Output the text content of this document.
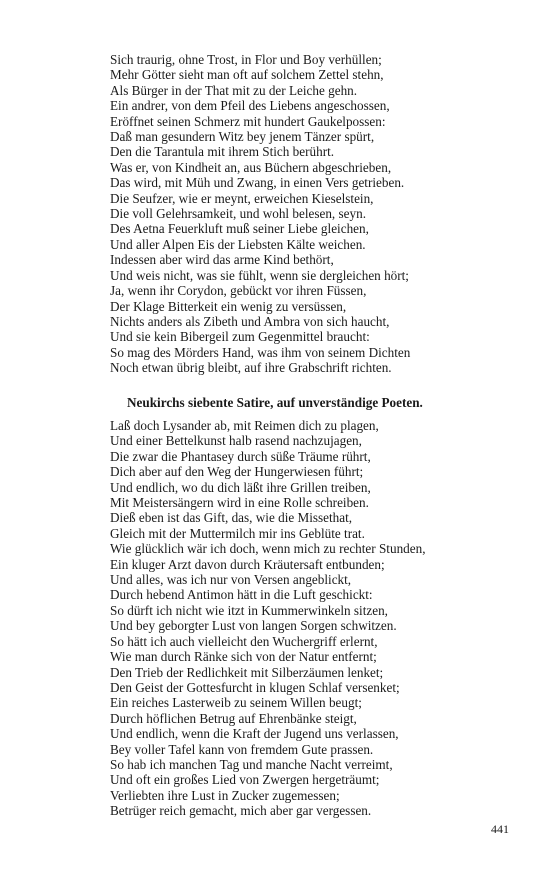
Sich traurig, ohne Trost, in Flor und Boy verhüllen;
Mehr Götter sieht man oft auf solchem Zettel stehn,
Als Bürger in der That mit zu der Leiche gehn.
Ein andrer, von dem Pfeil des Liebens angeschossen,
Eröffnet seinen Schmerz mit hundert Gaukelpossen:
Daß man gesundern Witz bey jenem Tänzer spürt,
Den die Tarantula mit ihrem Stich berührt.
Was er, von Kindheit an, aus Büchern abgeschrieben,
Das wird, mit Müh und Zwang, in einen Vers getrieben.
Die Seufzer, wie er meynt, erweichen Kieselstein,
Die voll Gelehrsamkeit, und wohl belesen, seyn.
Des Aetna Feuerkluft muß seiner Liebe gleichen,
Und aller Alpen Eis der Liebsten Kälte weichen.
Indessen aber wird das arme Kind bethört,
Und weis nicht, was sie fühlt, wenn sie dergleichen hört;
Ja, wenn ihr Corydon, gebückt vor ihren Füssen,
Der Klage Bitterkeit ein wenig zu versüssen,
Nichts anders als Zibeth und Ambra von sich haucht,
Und sie kein Bibergeil zum Gegenmittel braucht:
So mag des Mörders Hand, was ihm von seinem Dichten
Noch etwan übrig bleibt, auf ihre Grabschrift richten.
Neukirchs siebente Satire, auf unverständige Poeten.
Laß doch Lysander ab, mit Reimen dich zu plagen,
Und einer Bettelkunst halb rasend nachzujagen,
Die zwar die Phantasey durch süße Träume rührt,
Dich aber auf den Weg der Hungerwiesen führt;
Und endlich, wo du dich läßt ihre Grillen treiben,
Mit Meistersängern wird in eine Rolle schreiben.
Dieß eben ist das Gift, das, wie die Missethat,
Gleich mit der Muttermilch mir ins Geblüte trat.
Wie glücklich wär ich doch, wenn mich zu rechter Stunden,
Ein kluger Arzt davon durch Kräutersaft entbunden;
Und alles, was ich nur von Versen angeblickt,
Durch hebend Antimon hätt in die Luft geschickt:
So dürft ich nicht wie itzt in Kummerwinkeln sitzen,
Und bey geborgter Lust von langen Sorgen schwitzen.
So hätt ich auch vielleicht den Wuchergriff erlernt,
Wie man durch Ränke sich von der Natur entfernt;
Den Trieb der Redlichkeit mit Silberzäumen lenket;
Den Geist der Gottesfurcht in klugen Schlaf versenket;
Ein reiches Lasterweib zu seinem Willen beugt;
Durch höflichen Betrug auf Ehrenbänke steigt,
Und endlich, wenn die Kraft der Jugend uns verlassen,
Bey voller Tafel kann von fremdem Gute prassen.
So hab ich manchen Tag und manche Nacht verreimt,
Und oft ein großes Lied von Zwergen hergeträumt;
Verliebten ihre Lust in Zucker zugemessen;
Betrüger reich gemacht, mich aber gar vergessen.
441
